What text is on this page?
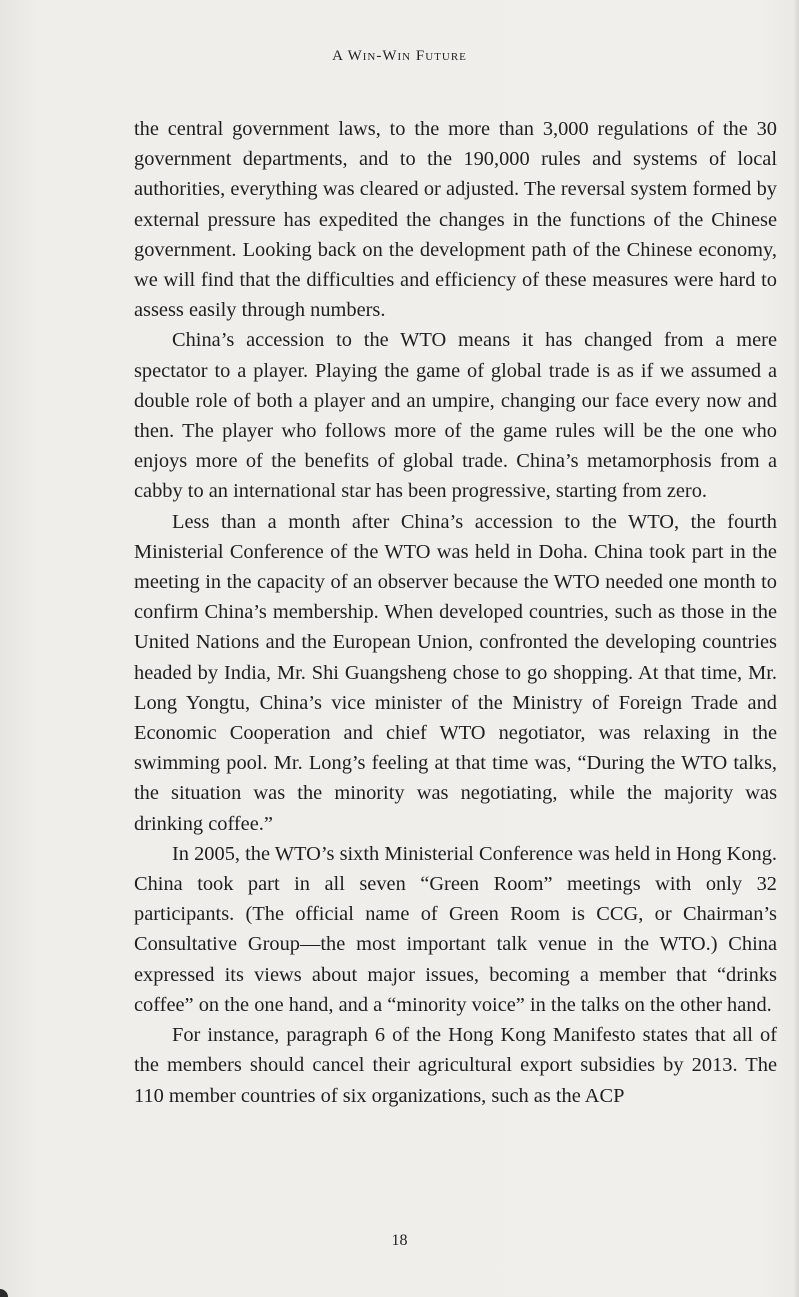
A Win-Win Future

the central government laws, to the more than 3,000 regulations of the 30 government departments, and to the 190,000 rules and systems of local authorities, everything was cleared or adjusted. The reversal system formed by external pressure has expedited the changes in the functions of the Chinese government. Looking back on the development path of the Chinese economy, we will find that the difficulties and efficiency of these measures were hard to assess easily through numbers.

China’s accession to the WTO means it has changed from a mere spectator to a player. Playing the game of global trade is as if we assumed a double role of both a player and an umpire, changing our face every now and then. The player who follows more of the game rules will be the one who enjoys more of the benefits of global trade. China’s metamorphosis from a cabby to an international star has been progressive, starting from zero.

Less than a month after China’s accession to the WTO, the fourth Ministerial Conference of the WTO was held in Doha. China took part in the meeting in the capacity of an observer because the WTO needed one month to confirm China’s membership. When developed countries, such as those in the United Nations and the European Union, confronted the developing countries headed by India, Mr. Shi Guangsheng chose to go shopping. At that time, Mr. Long Yongtu, China’s vice minister of the Ministry of Foreign Trade and Economic Cooperation and chief WTO negotiator, was relaxing in the swimming pool. Mr. Long’s feeling at that time was, “During the WTO talks, the situation was the minority was negotiating, while the majority was drinking coffee.”

In 2005, the WTO’s sixth Ministerial Conference was held in Hong Kong. China took part in all seven “Green Room” meetings with only 32 participants. (The official name of Green Room is CCG, or Chairman’s Consultative Group—the most important talk venue in the WTO.) China expressed its views about major issues, becoming a member that “drinks coffee” on the one hand, and a “minority voice” in the talks on the other hand.

For instance, paragraph 6 of the Hong Kong Manifesto states that all of the members should cancel their agricultural export subsidies by 2013. The 110 member countries of six organizations, such as the ACP

18
